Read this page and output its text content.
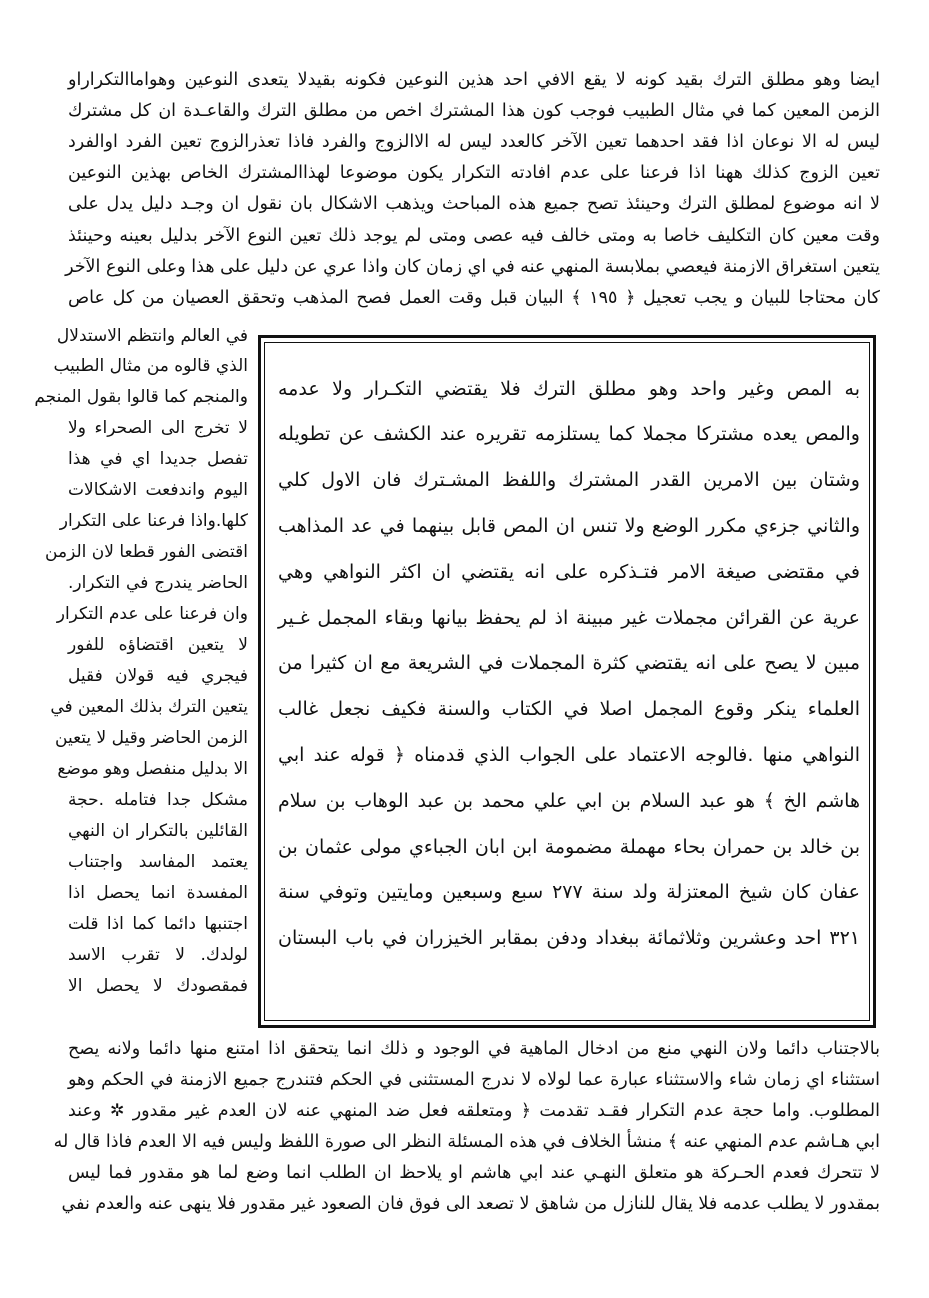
ايضا وهو مطلق الترك بقيد كونه لا يقع الافي احد هذين النوعين فكونه بقيدلا يتعدى النوعين وهواماالتكراراو
الزمن المعين كما في مثال الطبيب فوجب كون هذا المشترك اخص من مطلق الترك والقاعـدة ان كل مشترك
ليس له الا نوعان اذا فقد احدهما تعين الآخر كالعدد ليس له الاالزوج والفرد فاذا تعذرالزوج تعين الفرد اوالفرد
تعين الزوج كذلك ههنا اذا فرعنا على عدم افادته التكرار يكون موضوعا لهذاالمشترك الخاص بهذين النوعين
لا انه موضوع لمطلق الترك وحينئذ تصح جميع هذه المباحث ويذهب الاشكال بان نقول ان وجـد دليل يدل على
وقت معين كان التكليف خاصا به ومتى خالف فيه عصى ومتى لم يوجد ذلك تعين النوع الآخر بدليل بعينه وحينئذ
يتعين استغراق الازمنة فيعصي بملابسة المنهي عنه في اي زمان كان واذا عري عن دليل على هذا وعلى النوع الآخر
كان محتاجا للبيان و يجب تعجيل ﴿ ١٩٥ ﴾ البيان قبل وقت العمل فصح المذهب وتحقق العصيان من كل عاص
في العالم وانتظم الاستدلال
الذي قالوه من مثال الطبيب
والمنجم كما قالوا بقول المنجم
لا تخرج الى الصحراء ولا
تفصل جديدا اي في هذا
اليوم واندفعت الاشكالات
كلها.واذا فرعنا على التكرار
اقتضى الفور قطعا لان الزمن
الحاضر يندرج في التكرار.
وان فرعنا على عدم التكرار
لا يتعين اقتضاؤه للفور
فيجري فيه قولان فقيل
يتعين الترك بذلك المعين في
الزمن الحاضر وقيل لا يتعين
الا بدليل منفصل وهو موضع
مشكل جدا فتامله .حجة
القائلين بالتكرار ان النهي
يعتمد المفاسد واجتناب
المفسدة انما يحصل اذا
اجتنبها دائما كما اذا قلت
لولدك. لا تقرب الاسد
فمقصودك لا يحصل الا
به المص وغير واحد وهو مطلق الترك فلا يقتضي التكـرار ولا عدمه
والمص يعده مشتركا مجملا كما يستلزمه تقريره عند الكشف عن تطويله
وشتان بين الامرين القدر المشترك واللفظ المشـترك فان الاول كلي
والثاني جزءي مكرر الوضع ولا تنس ان المص قابل بينهما في عد المذاهب
في مقتضى صيغة الامر فتـذكره على انه يقتضي ان اكثر النواهي وهي
عرية عن القرائن مجملات غير مبينة اذ لم يحفظ بيانها وبقاء المجمل غـير
مبين لا يصح على انه يقتضي كثرة المجملات في الشريعة مع ان كثيرا من
العلماء ينكر وقوع المجمل اصلا في الكتاب والسنة فكيف نجعل غالب
النواهي منها .فالوجه الاعتماد على الجواب الذي قدمناه ﴿ قوله عند ابي
هاشم الخ ﴾ هو عبد السلام بن ابي علي محمد بن عبد الوهاب بن سلام
بن خالد بن حمران بحاء مهملة مضمومة ابن ابان الجباءي مولى عثمان بن
عفان كان شيخ المعتزلة ولد سنة ٢٧٧ سبع وسبعين ومايتين وتوفي سنة
٣٢١ احد وعشرين وثلاثمائة ببغداد ودفن بمقابر الخيزران في باب البستان
بالاجتناب دائما ولان النهي منع من ادخال الماهية في الوجود و ذلك انما يتحقق اذا امتنع منها دائما ولانه يصح
استثناء اي زمان شاء والاستثناء عبارة عما لولاه لا ندرج المستثنى في الحكم فتندرج جميع الازمنة في الحكم وهو
المطلوب. واما حجة عدم التكرار فقـد تقدمت ﴿ ومتعلقه فعل ضد المنهي عنه لان العدم غير مقدور ✲ وعند
ابي هـاشم عدم المنهي عنه ﴾ منشأ الخلاف في هذه المسئلة النظر الى صورة اللفظ وليس فيه الا العدم فاذا قال له
لا تتحرك فعدم الحـركة هو متعلق النهـي عند ابي هاشم او يلاحظ ان الطلب انما وضع لما هو مقدور فما ليس
بمقدور لا يطلب عدمه فلا يقال للنازل من شاهق لا تصعد الى فوق فان الصعود غير مقدور فلا ينهى عنه والعدم نفي
